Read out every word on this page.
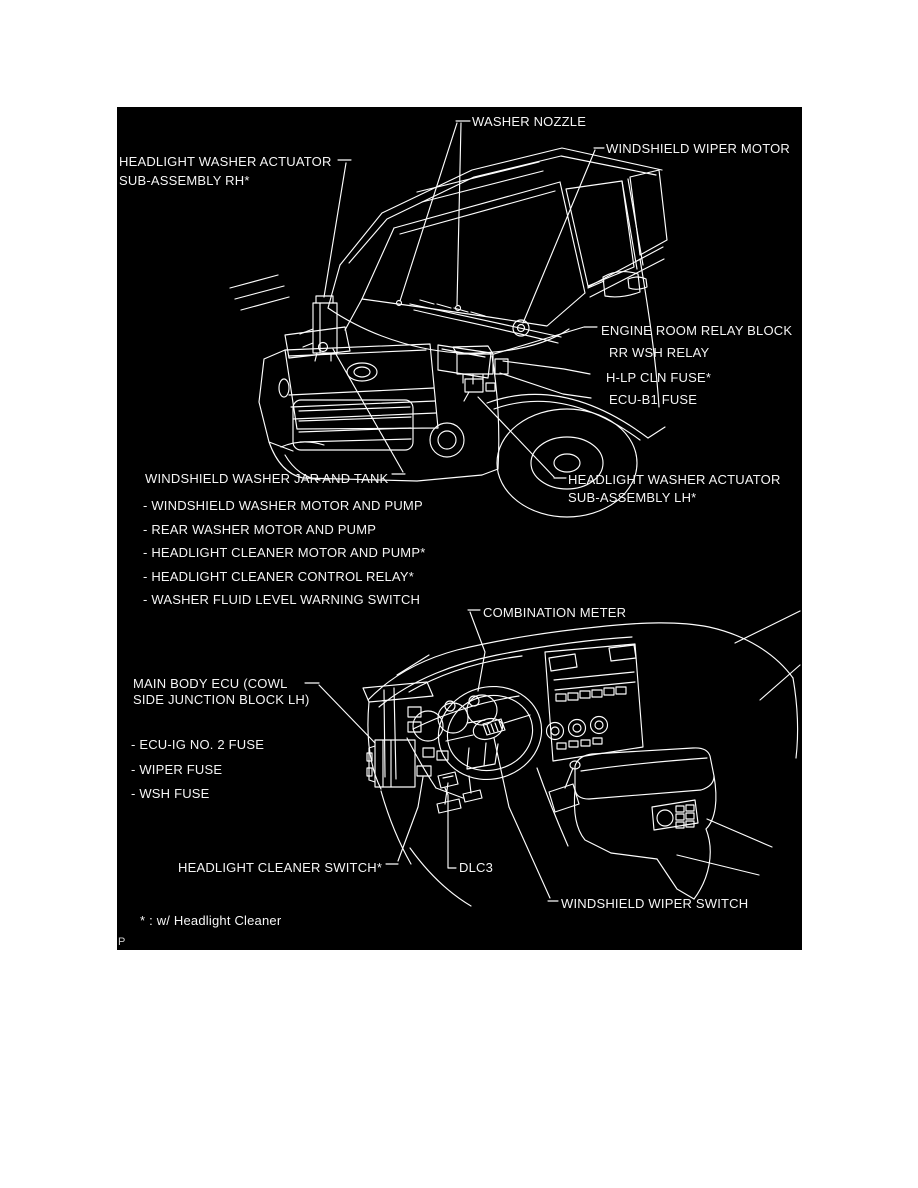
WASHER NOZZLE
WINDSHIELD WIPER MOTOR
HEADLIGHT WASHER ACTUATOR
SUB-ASSEMBLY RH*
ENGINE ROOM RELAY BLOCK
RR WSH RELAY
H-LP CLN FUSE*
ECU-B1 FUSE
WINDSHIELD WASHER JAR AND TANK
- WINDSHIELD WASHER MOTOR AND PUMP
- REAR WASHER MOTOR AND PUMP
- HEADLIGHT CLEANER MOTOR AND PUMP*
- HEADLIGHT CLEANER CONTROL RELAY*
- WASHER FLUID LEVEL WARNING SWITCH
HEADLIGHT WASHER ACTUATOR
SUB-ASSEMBLY LH*
COMBINATION METER
MAIN BODY ECU (COWL
SIDE JUNCTION BLOCK LH)
- ECU-IG NO. 2 FUSE
- WIPER FUSE
- WSH FUSE
HEADLIGHT CLEANER SWITCH*	DLC3
WINDSHIELD WIPER SWITCH
* : w/ Headlight Cleaner
P
